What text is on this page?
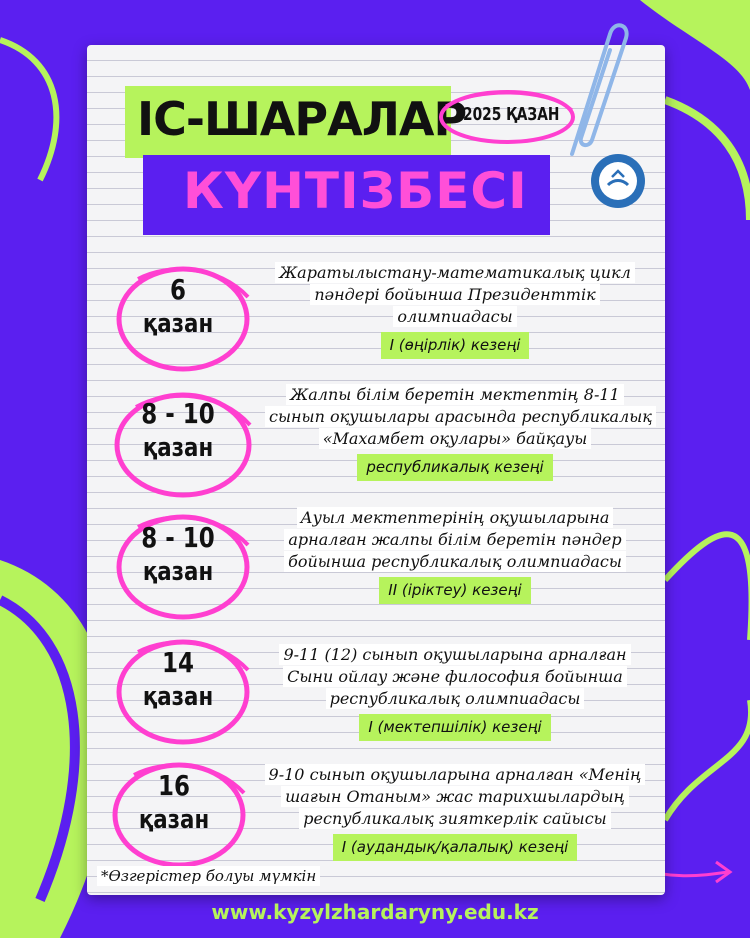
ІС-ШАРАЛАР
КҮНТІЗБЕСІ
2025 ҚАЗАН
6
қазан
Жаратылыстану-математикалық цикл
пәндері бойынша Президенттік
олимпиадасы
I (өңірлік) кезеңі
8 - 10
қазан
Жалпы білім беретін мектептің 8-11
сынып оқушылары арасында республикалық
«Махамбет оқулары» байқауы
республикалық кезеңі
8 - 10
қазан
Ауыл мектептерінің оқушыларына
арналған жалпы білім беретін пәндер
бойынша республикалық олимпиадасы
II (іріктеу) кезеңі
14
қазан
9-11 (12) сынып оқушыларына арналған
Сыни ойлау және философия бойынша
республикалық олимпиадасы
I (мектепшілік) кезеңі
16
қазан
9-10 сынып оқушыларына арналған «Менің
шағын Отаным» жас тарихшылардың
республикалық зияткерлік сайысы
I (аудандық/қалалық) кезеңі
*Өзгерістер болуы мүмкін
www.kyzylzhardaryny.edu.kz
